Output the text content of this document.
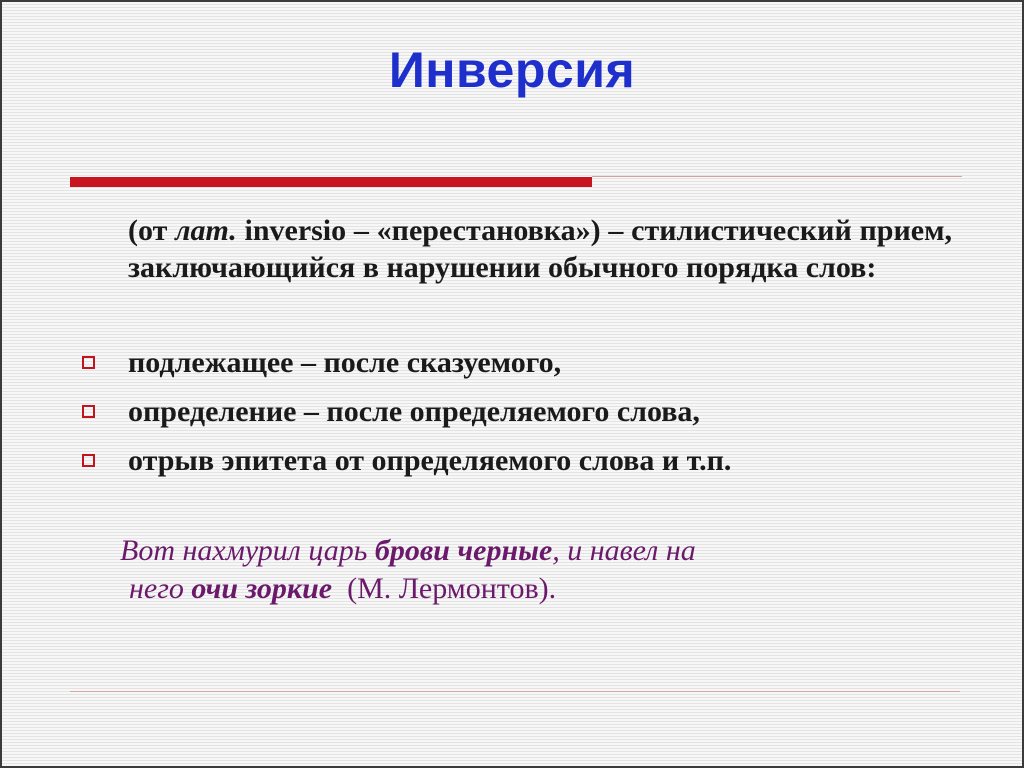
Инверсия
(от лат. inversio – «перестановка») – стилистический прием, заключающийся в нарушении обычного порядка слов:
подлежащее – после сказуемого,
определение – после определяемого слова,
отрыв эпитета от определяемого слова и т.п.
Вот нахмурил царь брови черные, и навел на
него очи зоркие (М. Лермонтов).
